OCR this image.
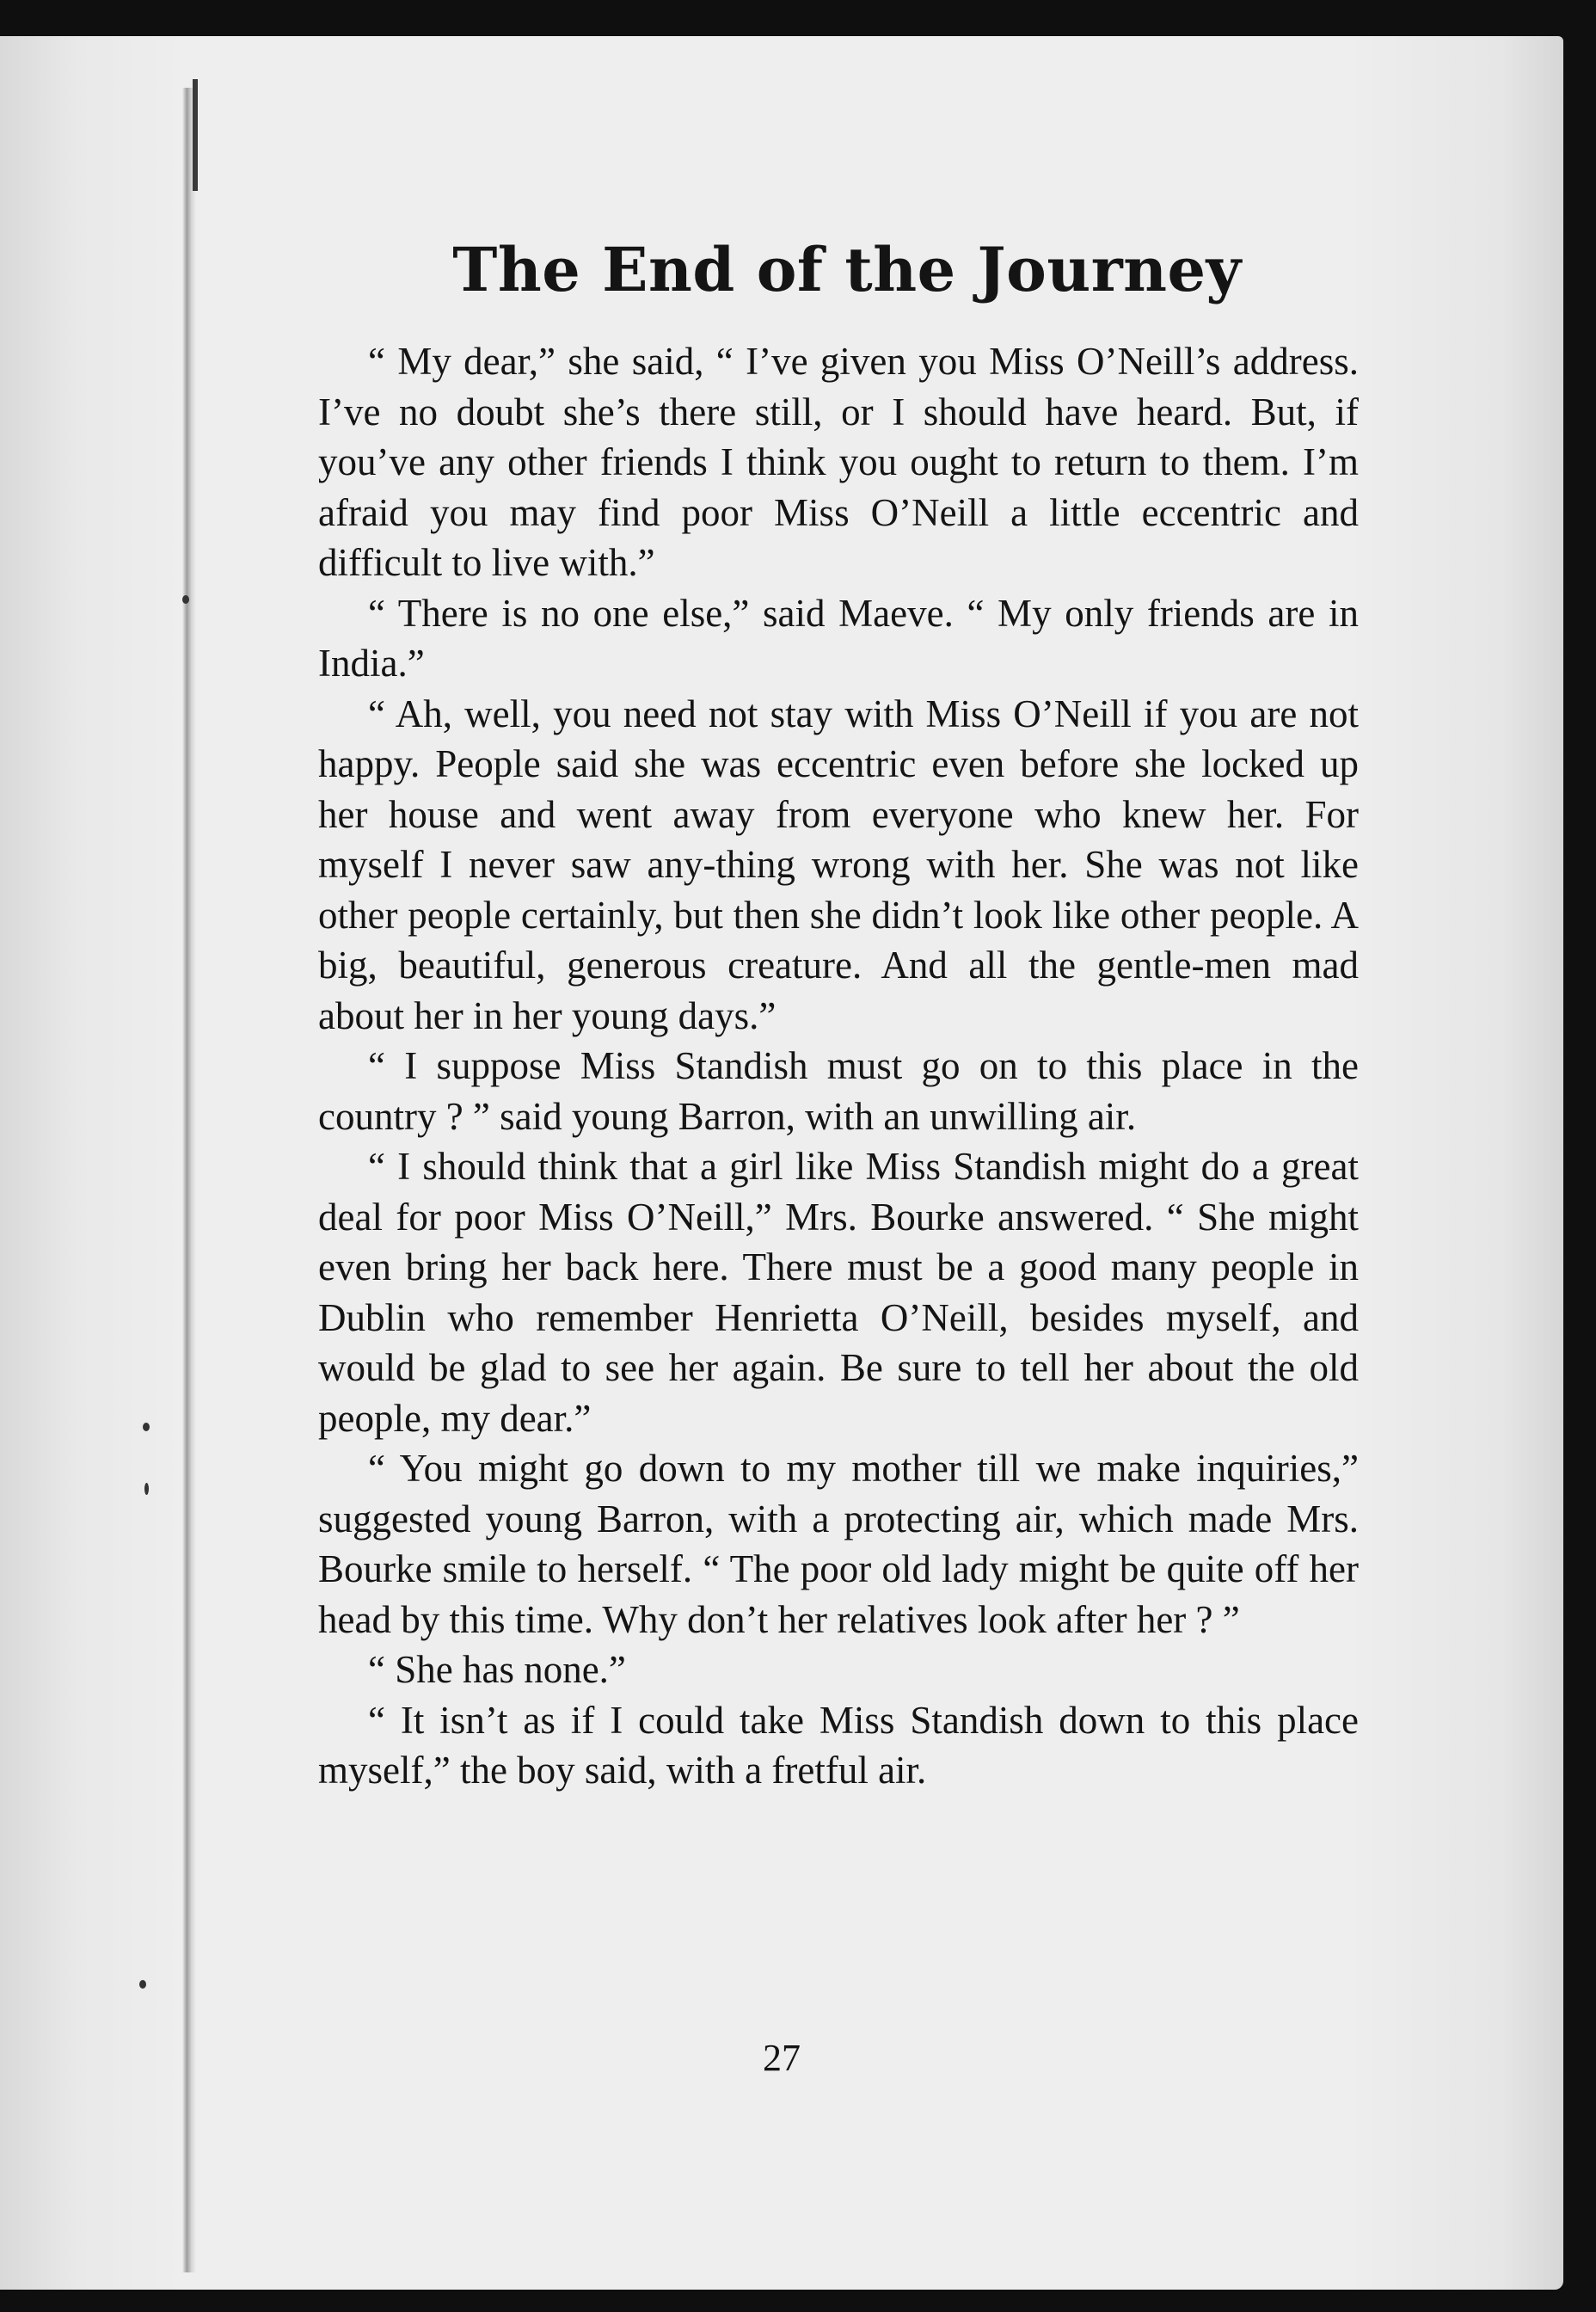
The End of the Journey

“ My dear,” she said, “ I’ve given you Miss O’Neill’s address. I’ve no doubt she’s there still, or I should have heard. But, if you’ve any other friends I think you ought to return to them. I’m afraid you may find poor Miss O’Neill a little eccentric and difficult to live with.”

“ There is no one else,” said Maeve. “ My only friends are in India.”

“ Ah, well, you need not stay with Miss O’Neill if you are not happy. People said she was eccentric even before she locked up her house and went away from everyone who knew her. For myself I never saw any-thing wrong with her. She was not like other people certainly, but then she didn’t look like other people. A big, beautiful, generous creature. And all the gentle-men mad about her in her young days.”

“ I suppose Miss Standish must go on to this place in the country ? ” said young Barron, with an unwilling air.

“ I should think that a girl like Miss Standish might do a great deal for poor Miss O’Neill,” Mrs. Bourke answered. “ She might even bring her back here. There must be a good many people in Dublin who remember Henrietta O’Neill, besides myself, and would be glad to see her again. Be sure to tell her about the old people, my dear.”

“ You might go down to my mother till we make inquiries,” suggested young Barron, with a protecting air, which made Mrs. Bourke smile to herself. “ The poor old lady might be quite off her head by this time. Why don’t her relatives look after her ? ”

“ She has none.”

“ It isn’t as if I could take Miss Standish down to this place myself,” the boy said, with a fretful air.

27
